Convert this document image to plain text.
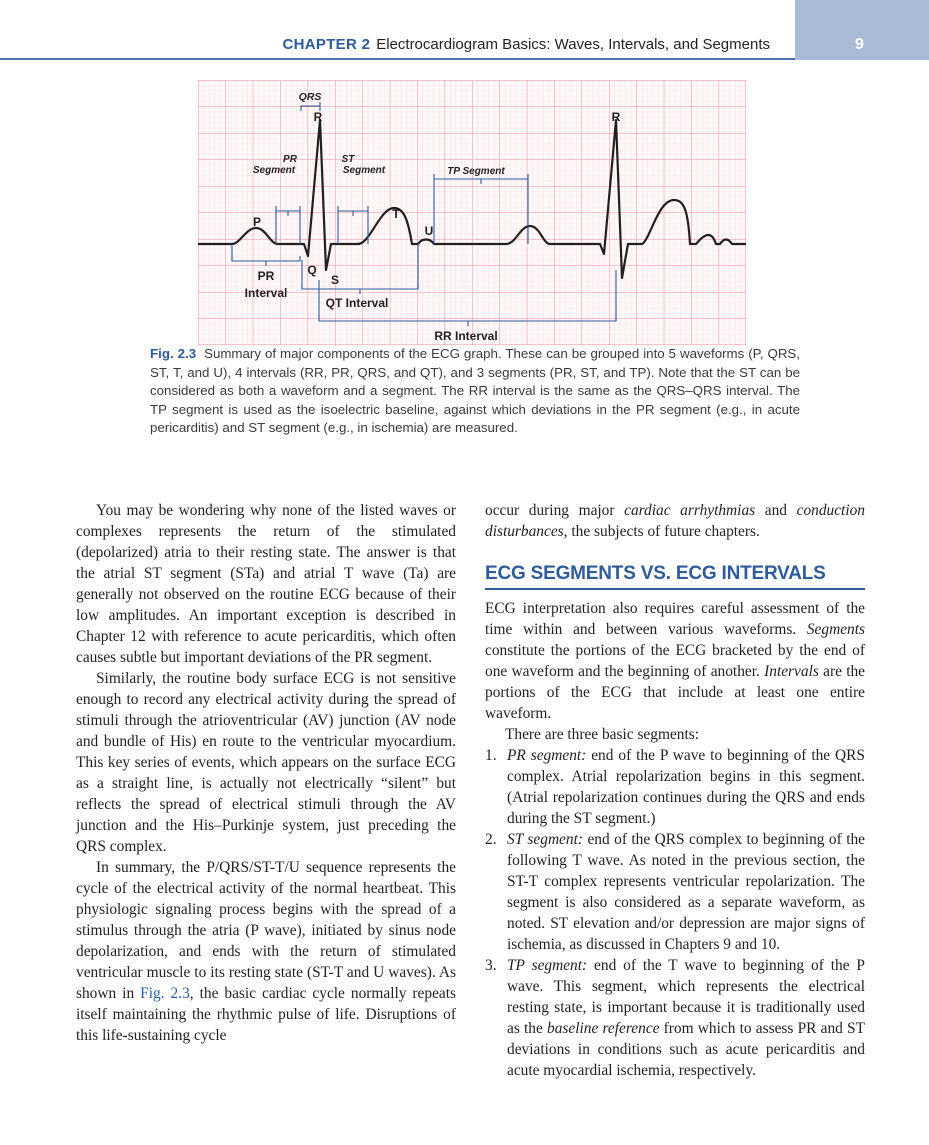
CHAPTER 2 Electrocardiogram Basics: Waves, Intervals, and Segments	9
QRS
R	R
PR
Segment
ST
Segment	TP Segment
P
T
U
Q
S
PR
Interval
QT Interval
RR Interval
Fig. 2.3 Summary of major components of the ECG graph. These can be grouped into 5 waveforms (P, QRS, ST, T, and U), 4 intervals (RR, PR, QRS, and QT), and 3 segments (PR, ST, and TP). Note that the ST can be considered as both a waveform and a segment. The RR interval is the same as the QRS–QRS interval. The TP segment is used as the isoelectric baseline, against which deviations in the PR segment (e.g., in acute pericarditis) and ST segment (e.g., in ischemia) are measured.

You may be wondering why none of the listed waves or complexes represents the return of the stimulated (depolarized) atria to their resting state. The answer is that the atrial ST segment (STa) and atrial T wave (Ta) are generally not observed on the routine ECG because of their low amplitudes. An important exception is described in Chapter 12 with reference to acute pericarditis, which often causes subtle but important deviations of the PR segment.

Similarly, the routine body surface ECG is not sensitive enough to record any electrical activity during the spread of stimuli through the atrioventricular (AV) junction (AV node and bundle of His) en route to the ventricular myocardium. This key series of events, which appears on the surface ECG as a straight line, is actually not electrically “silent” but reflects the spread of electrical stimuli through the AV junction and the His–Purkinje system, just preceding the QRS complex.

In summary, the P/QRS/ST-T/U sequence represents the cycle of the electrical activity of the normal heartbeat. This physiologic signaling process begins with the spread of a stimulus through the atria (P wave), initiated by sinus node depolarization, and ends with the return of stimulated ventricular muscle to its resting state (ST-T and U waves). As shown in Fig. 2.3, the basic cardiac cycle normally repeats itself maintaining the rhythmic pulse of life. Disruptions of this life-sustaining cycle

occur during major cardiac arrhythmias and conduction disturbances, the subjects of future chapters.

ECG SEGMENTS VS. ECG INTERVALS

ECG interpretation also requires careful assessment of the time within and between various waveforms. Segments constitute the portions of the ECG bracketed by the end of one waveform and the beginning of another. Intervals are the portions of the ECG that include at least one entire waveform.

There are three basic segments:

1. PR segment: end of the P wave to beginning of the QRS complex. Atrial repolarization begins in this segment. (Atrial repolarization continues during the QRS and ends during the ST segment.)
2. ST segment: end of the QRS complex to beginning of the following T wave. As noted in the previous section, the ST-T complex represents ventricular repolarization. The segment is also considered as a separate waveform, as noted. ST elevation and/or depression are major signs of ischemia, as discussed in Chapters 9 and 10.
3. TP segment: end of the T wave to beginning of the P wave. This segment, which represents the electrical resting state, is important because it is traditionally used as the baseline reference from which to assess PR and ST deviations in conditions such as acute pericarditis and acute myocardial ischemia, respectively.
